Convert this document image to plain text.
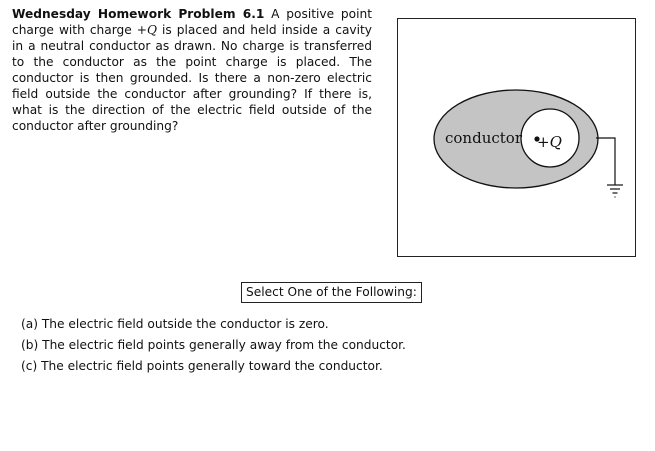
Wednesday Homework Problem 6.1 A positive point charge with charge +Q is placed and held inside a cavity in a neutral conductor as drawn. No charge is transferred to the conductor as the point charge is placed. The conductor is then grounded. Is there a non-zero electric field outside the conductor after grounding? If there is, what is the direction of the electric field outside of the conductor after grounding?
conductor +Q
Select One of the Following:
(a) The electric field outside the conductor is zero.
(b) The electric field points generally away from the conductor.
(c) The electric field points generally toward the conductor.
